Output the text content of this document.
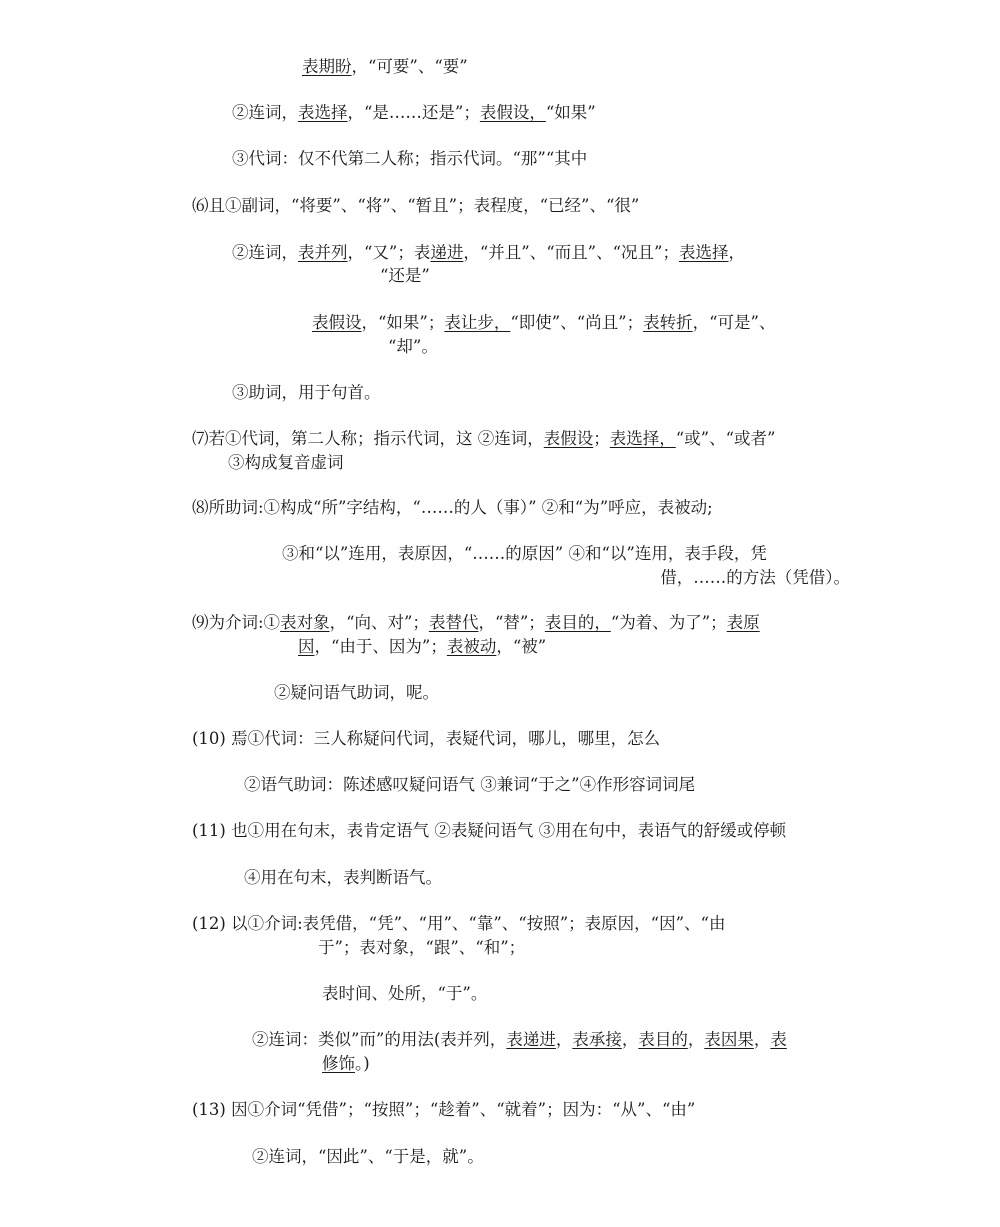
表期盼，“可要”、“要”
②连词，表选择，“是……还是”；表假设，“如果”
③代词：仅不代第二人称；指示代词。“那”“其中
⑹且①副词，“将要”、“将”、“暂且”；表程度，“已经”、“很”
②连词，表并列，“又”；表递进，“并且”、“而且”、“况且”；表选择，
“还是”
表假设，“如果”；表让步，“即使”、“尚且”；表转折，“可是”、
“却”。
③助词，用于句首。
⑺若①代词，第二人称；指示代词，这 ②连词，表假设；表选择，“或”、“或者”
③构成复音虚词
⑻所助词:①构成“所”字结构，“……的人（事）” ②和“为”呼应，表被动;
③和“以”连用，表原因，“……的原因” ④和“以”连用，表手段，凭
借，……的方法（凭借）。
⑼为介词:①表对象，“向、对”；表替代，“替”；表目的，“为着、为了”；表原
因，“由于、因为”；表被动，“被”
②疑问语气助词，呢。
(10) 焉①代词：三人称疑问代词，表疑代词，哪儿，哪里，怎么
②语气助词：陈述感叹疑问语气 ③兼词“于之”④作形容词词尾
(11) 也①用在句末，表肯定语气 ②表疑问语气 ③用在句中，表语气的舒缓或停顿
④用在句末，表判断语气。
(12) 以①介词:表凭借，“凭”、“用”、“靠”、“按照”；表原因，“因”、“由
于”；表对象，“跟”、“和”；
表时间、处所，“于”。
②连词：类似”而”的用法(表并列，表递进，表承接，表目的，表因果，表
修饰。)
(13) 因①介词“凭借”；“按照”；“趁着”、“就着”；因为：“从”、“由”
②连词，“因此”、“于是，就”。
